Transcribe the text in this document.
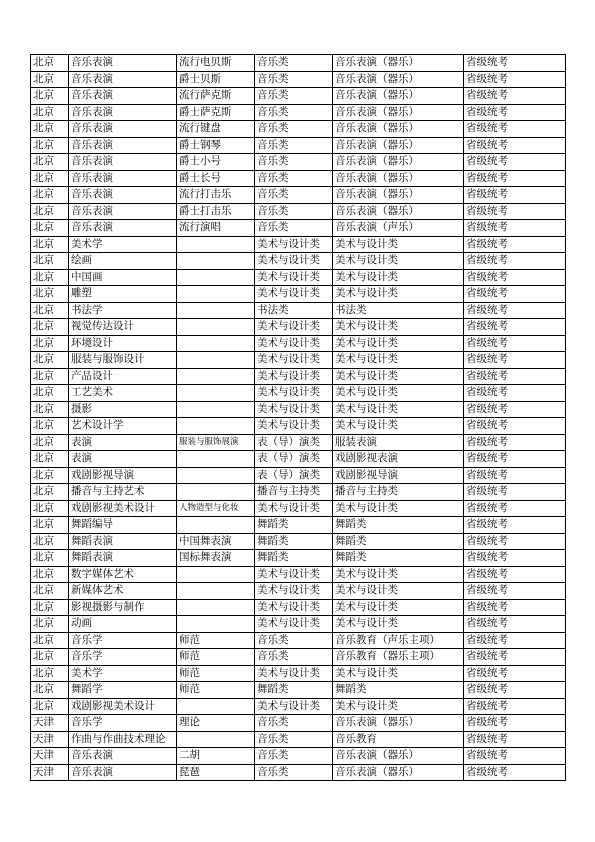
北京	音乐表演	流行电贝斯	音乐类	音乐表演（器乐）	省级统考
北京	音乐表演	爵士贝斯	音乐类	音乐表演（器乐）	省级统考
北京	音乐表演	流行萨克斯	音乐类	音乐表演（器乐）	省级统考
北京	音乐表演	爵士萨克斯	音乐类	音乐表演（器乐）	省级统考
北京	音乐表演	流行键盘	音乐类	音乐表演（器乐）	省级统考
北京	音乐表演	爵士钢琴	音乐类	音乐表演（器乐）	省级统考
北京	音乐表演	爵士小号	音乐类	音乐表演（器乐）	省级统考
北京	音乐表演	爵士长号	音乐类	音乐表演（器乐）	省级统考
北京	音乐表演	流行打击乐	音乐类	音乐表演（器乐）	省级统考
北京	音乐表演	爵士打击乐	音乐类	音乐表演（器乐）	省级统考
北京	音乐表演	流行演唱	音乐类	音乐表演（声乐）	省级统考
北京	美术学		美术与设计类	美术与设计类	省级统考
北京	绘画		美术与设计类	美术与设计类	省级统考
北京	中国画		美术与设计类	美术与设计类	省级统考
北京	雕塑		美术与设计类	美术与设计类	省级统考
北京	书法学		书法类	书法类	省级统考
北京	视觉传达设计		美术与设计类	美术与设计类	省级统考
北京	环境设计		美术与设计类	美术与设计类	省级统考
北京	服装与服饰设计		美术与设计类	美术与设计类	省级统考
北京	产品设计		美术与设计类	美术与设计类	省级统考
北京	工艺美术		美术与设计类	美术与设计类	省级统考
北京	摄影		美术与设计类	美术与设计类	省级统考
北京	艺术设计学		美术与设计类	美术与设计类	省级统考
北京	表演	服装与服饰展演	表（导）演类	服装表演	省级统考
北京	表演		表（导）演类	戏剧影视表演	省级统考
北京	戏剧影视导演		表（导）演类	戏剧影视导演	省级统考
北京	播音与主持艺术		播音与主持类	播音与主持类	省级统考
北京	戏剧影视美术设计	人物造型与化妆	美术与设计类	美术与设计类	省级统考
北京	舞蹈编导		舞蹈类	舞蹈类	省级统考
北京	舞蹈表演	中国舞表演	舞蹈类	舞蹈类	省级统考
北京	舞蹈表演	国标舞表演	舞蹈类	舞蹈类	省级统考
北京	数字媒体艺术		美术与设计类	美术与设计类	省级统考
北京	新媒体艺术		美术与设计类	美术与设计类	省级统考
北京	影视摄影与制作		美术与设计类	美术与设计类	省级统考
北京	动画		美术与设计类	美术与设计类	省级统考
北京	音乐学	师范	音乐类	音乐教育（声乐主项）	省级统考
北京	音乐学	师范	音乐类	音乐教育（器乐主项）	省级统考
北京	美术学	师范	美术与设计类	美术与设计类	省级统考
北京	舞蹈学	师范	舞蹈类	舞蹈类	省级统考
北京	戏剧影视美术设计		美术与设计类	美术与设计类	省级统考
天津	音乐学	理论	音乐类	音乐表演（器乐）	省级统考
天津	作曲与作曲技术理论		音乐类	音乐教育	省级统考
天津	音乐表演	二胡	音乐类	音乐表演（器乐）	省级统考
天津	音乐表演	琵琶	音乐类	音乐表演（器乐）	省级统考
